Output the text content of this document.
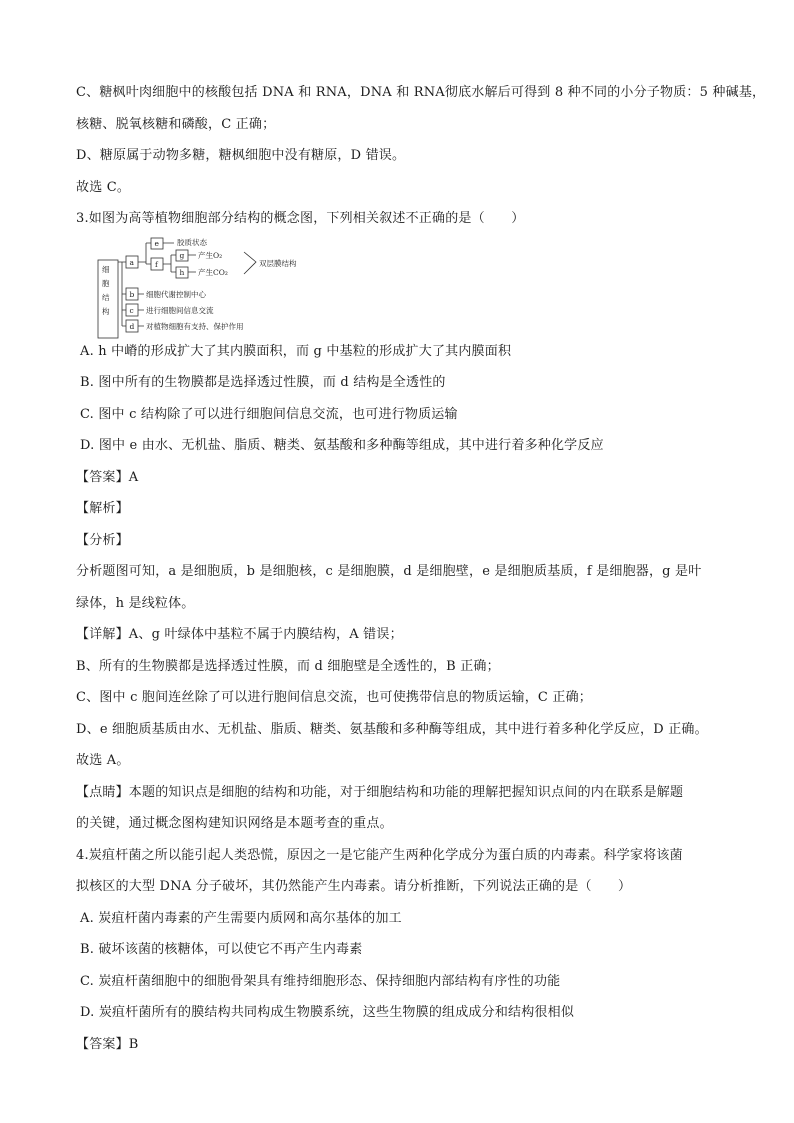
C、糖枫叶肉细胞中的核酸包括 DNA 和 RNA，DNA 和 RNA彻底水解后可得到 8 种不同的小分子物质：5 种碱基，
核糖、脱氧核糖和磷酸，C 正确；
D、糖原属于动物多糖，糖枫细胞中没有糖原，D 错误。
故选 C。
3.如图为高等植物细胞部分结构的概念图，下列相关叙述不正确的是（　　）
细
胞
结
构
a
b
c
d
e
f
g
h
胶质状态
产生O₂
产生CO₂
双层膜结构
细胞代谢控制中心
进行细胞间信息交流
对植物细胞有支持、保护作用
A. h 中嵴的形成扩大了其内膜面积，而 g 中基粒的形成扩大了其内膜面积
B. 图中所有的生物膜都是选择透过性膜，而 d 结构是全透性的
C. 图中 c 结构除了可以进行细胞间信息交流，也可进行物质运输
D. 图中 e 由水、无机盐、脂质、糖类、氨基酸和多种酶等组成，其中进行着多种化学反应
【答案】A
【解析】
【分析】
分析题图可知，a 是细胞质，b 是细胞核，c 是细胞膜，d 是细胞壁，e 是细胞质基质，f 是细胞器，g 是叶
绿体，h 是线粒体。
【详解】A、g 叶绿体中基粒不属于内膜结构，A 错误；
B、所有的生物膜都是选择透过性膜，而 d 细胞壁是全透性的，B 正确；
C、图中 c 胞间连丝除了可以进行胞间信息交流，也可使携带信息的物质运输，C 正确；
D、e 细胞质基质由水、无机盐、脂质、糖类、氨基酸和多种酶等组成，其中进行着多种化学反应，D 正确。
故选 A。
【点睛】本题的知识点是细胞的结构和功能，对于细胞结构和功能的理解把握知识点间的内在联系是解题
的关键，通过概念图构建知识网络是本题考查的重点。
4.炭疽杆菌之所以能引起人类恐慌，原因之一是它能产生两种化学成分为蛋白质的内毒素。科学家将该菌
拟核区的大型 DNA 分子破坏，其仍然能产生内毒素。请分析推断，下列说法正确的是（　　）
A. 炭疽杆菌内毒素的产生需要内质网和高尔基体的加工
B. 破坏该菌的核糖体，可以使它不再产生内毒素
C. 炭疽杆菌细胞中的细胞骨架具有维持细胞形态、保持细胞内部结构有序性的功能
D. 炭疽杆菌所有的膜结构共同构成生物膜系统，这些生物膜的组成成分和结构很相似
【答案】B
